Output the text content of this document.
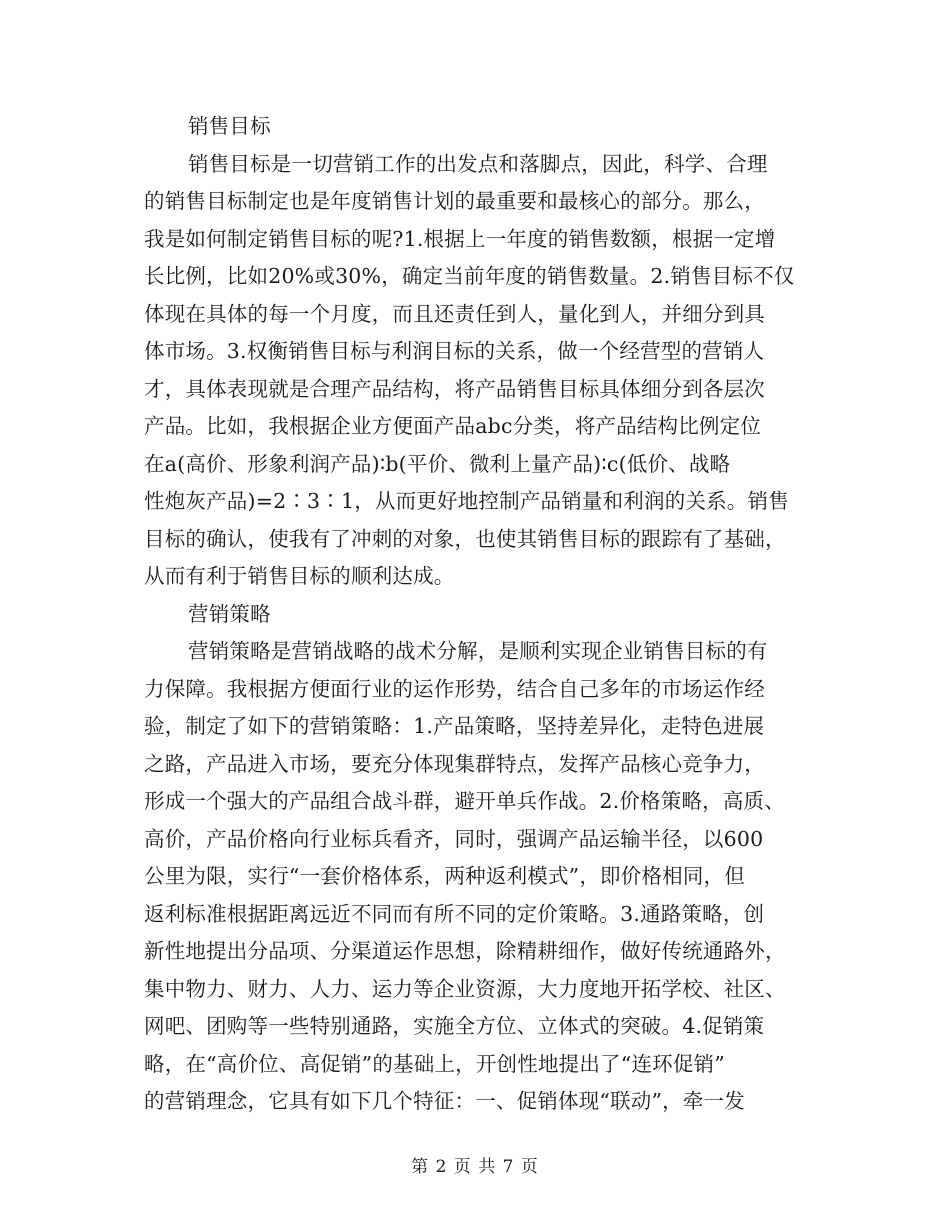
销售目标
销售目标是一切营销工作的出发点和落脚点，因此，科学、合理
的销售目标制定也是年度销售计划的最重要和最核心的部分。那么，
我是如何制定销售目标的呢?1.根据上一年度的销售数额，根据一定增
长比例，比如20%或30%，确定当前年度的销售数量。2.销售目标不仅
体现在具体的每一个月度，而且还责任到人，量化到人，并细分到具
体市场。3.权衡销售目标与利润目标的关系，做一个经营型的营销人
才，具体表现就是合理产品结构，将产品销售目标具体细分到各层次
产品。比如，我根据企业方便面产品abc分类，将产品结构比例定位
在a(高价、形象利润产品)∶b(平价、微利上量产品)∶c(低价、战略
性炮灰产品)=2∶3∶1，从而更好地控制产品销量和利润的关系。销售
目标的确认，使我有了冲刺的对象，也使其销售目标的跟踪有了基础，
从而有利于销售目标的顺利达成。
营销策略
营销策略是营销战略的战术分解，是顺利实现企业销售目标的有
力保障。我根据方便面行业的运作形势，结合自己多年的市场运作经
验，制定了如下的营销策略：1.产品策略，坚持差异化，走特色进展
之路，产品进入市场，要充分体现集群特点，发挥产品核心竞争力，
形成一个强大的产品组合战斗群，避开单兵作战。2.价格策略，高质、
高价，产品价格向行业标兵看齐，同时，强调产品运输半径，以600
公里为限，实行“一套价格体系，两种返利模式”，即价格相同，但
返利标准根据距离远近不同而有所不同的定价策略。3.通路策略，创
新性地提出分品项、分渠道运作思想，除精耕细作，做好传统通路外，
集中物力、财力、人力、运力等企业资源，大力度地开拓学校、社区、
网吧、团购等一些特别通路，实施全方位、立体式的突破。4.促销策
略，在“高价位、高促销”的基础上，开创性地提出了“连环促销”
的营销理念，它具有如下几个特征：一、促销体现“联动”，牵一发
第 2 页 共 7 页
